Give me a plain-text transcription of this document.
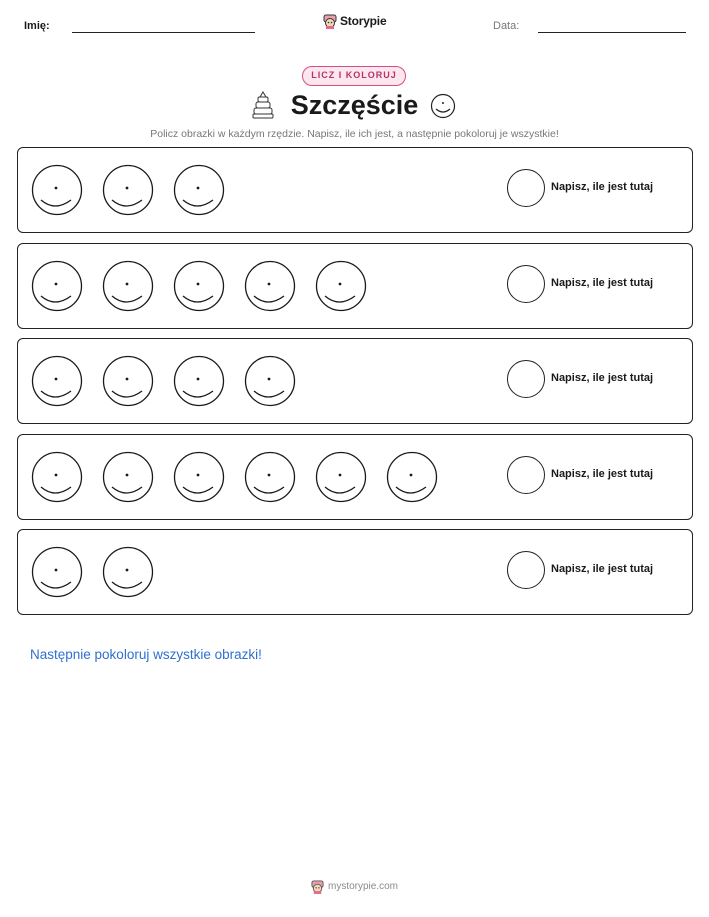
Imię:	Storypie	Data:
LICZ I KOLORUJ
Szczęście
Policz obrazki w każdym rzędzie. Napisz, ile ich jest, a następnie pokoloruj je wszystkie!
Napisz, ile jest tutaj
Napisz, ile jest tutaj
Napisz, ile jest tutaj
Napisz, ile jest tutaj
Napisz, ile jest tutaj
Następnie pokoloruj wszystkie obrazki!
mystorypie.com
